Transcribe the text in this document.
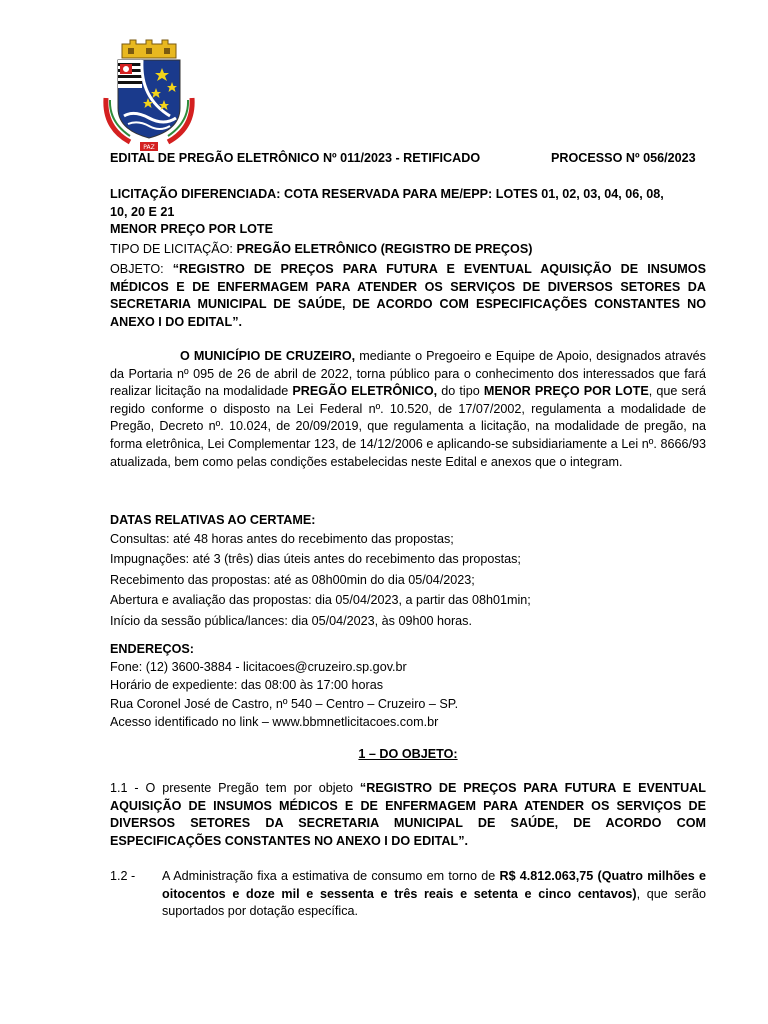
PAZ
EDITAL DE PREGÃO ELETRÔNICO Nº 011/2023 - RETIFICADO	PROCESSO Nº 056/2023
LICITAÇÃO DIFERENCIADA: COTA RESERVADA PARA ME/EPP: LOTES 01, 02, 03, 04, 06, 08,
10, 20 E 21
MENOR PREÇO POR LOTE
TIPO DE LICITAÇÃO: PREGÃO ELETRÔNICO (REGISTRO DE PREÇOS)
OBJETO: “REGISTRO DE PREÇOS PARA FUTURA E EVENTUAL AQUISIÇÃO DE INSUMOS MÉDICOS E DE ENFERMAGEM PARA ATENDER OS SERVIÇOS DE DIVERSOS SETORES DA SECRETARIA MUNICIPAL DE SAÚDE, DE ACORDO COM ESPECIFICAÇÕES CONSTANTES NO ANEXO I DO EDITAL”.
O MUNICÍPIO DE CRUZEIRO, mediante o Pregoeiro e Equipe de Apoio, designados através da Portaria nº 095 de 26 de abril de 2022, torna público para o conhecimento dos interessados que fará realizar licitação na modalidade PREGÃO ELETRÔNICO, do tipo MENOR PREÇO POR LOTE, que será regido conforme o disposto na Lei Federal nº. 10.520, de 17/07/2002, regulamenta a modalidade de Pregão, Decreto nº. 10.024, de 20/09/2019, que regulamenta a licitação, na modalidade de pregão, na forma eletrônica, Lei Complementar 123, de 14/12/2006 e aplicando-se subsidiariamente a Lei nº. 8666/93 atualizada, bem como pelas condições estabelecidas neste Edital e anexos que o integram.
DATAS RELATIVAS AO CERTAME:
Consultas: até 48 horas antes do recebimento das propostas;
Impugnações: até 3 (três) dias úteis antes do recebimento das propostas;
Recebimento das propostas: até as 08h00min do dia 05/04/2023;
Abertura e avaliação das propostas: dia 05/04/2023, a partir das 08h01min;
Início da sessão pública/lances: dia 05/04/2023, às 09h00 horas.
ENDEREÇOS:
Fone: (12) 3600-3884 - licitacoes@cruzeiro.sp.gov.br
Horário de expediente: das 08:00 às 17:00 horas
Rua Coronel José de Castro, nº 540 – Centro – Cruzeiro – SP.
Acesso identificado no link – www.bbmnetlicitacoes.com.br
1 – DO OBJETO:
1.1 - O presente Pregão tem por objeto “REGISTRO DE PREÇOS PARA FUTURA E EVENTUAL AQUISIÇÃO DE INSUMOS MÉDICOS E DE ENFERMAGEM PARA ATENDER OS SERVIÇOS DE DIVERSOS SETORES DA SECRETARIA MUNICIPAL DE SAÚDE, DE ACORDO COM ESPECIFICAÇÕES CONSTANTES NO ANEXO I DO EDITAL”.
1.2 - A Administração fixa a estimativa de consumo em torno de R$ 4.812.063,75 (Quatro milhões e oitocentos e doze mil e sessenta e três reais e setenta e cinco centavos), que serão suportados por dotação específica.
